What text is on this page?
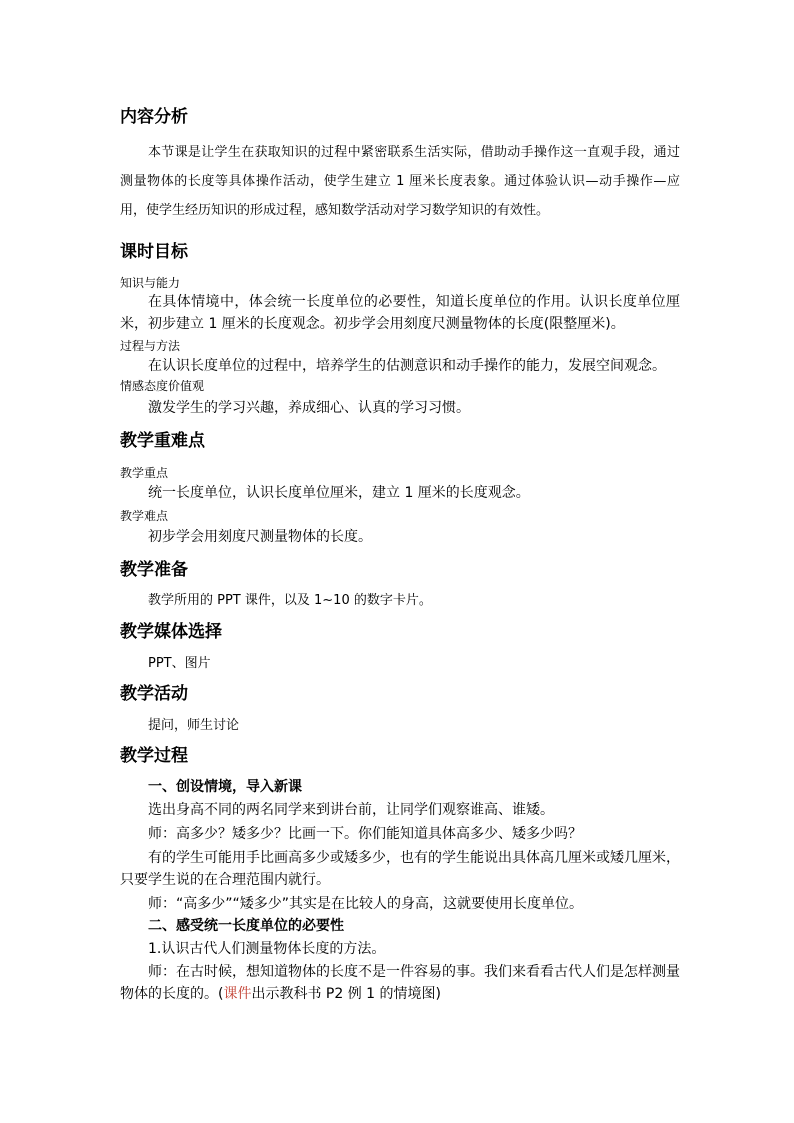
内容分析
本节课是让学生在获取知识的过程中紧密联系生活实际，借助动手操作这一直观手段，通过测量物体的长度等具体操作活动，使学生建立 1 厘米长度表象。通过体验认识—动手操作—应用，使学生经历知识的形成过程，感知数学活动对学习数学知识的有效性。
课时目标
知识与能力
在具体情境中，体会统一长度单位的必要性，知道长度单位的作用。认识长度单位厘米，初步建立 1 厘米的长度观念。初步学会用刻度尺测量物体的长度(限整厘米)。
过程与方法
在认识长度单位的过程中，培养学生的估测意识和动手操作的能力，发展空间观念。
情感态度价值观
激发学生的学习兴趣，养成细心、认真的学习习惯。
教学重难点
教学重点
统一长度单位，认识长度单位厘米，建立 1 厘米的长度观念。
教学难点
初步学会用刻度尺测量物体的长度。
教学准备
教学所用的 PPT 课件，以及 1~10 的数字卡片。
教学媒体选择
PPT、图片
教学活动
提问，师生讨论
教学过程
一、创设情境，导入新课
选出身高不同的两名同学来到讲台前，让同学们观察谁高、谁矮。
师：高多少？矮多少？比画一下。你们能知道具体高多少、矮多少吗？
有的学生可能用手比画高多少或矮多少，也有的学生能说出具体高几厘米或矮几厘米，只要学生说的在合理范围内就行。
师：“高多少”“矮多少”其实是在比较人的身高，这就要使用长度单位。
二、感受统一长度单位的必要性
1.认识古代人们测量物体长度的方法。
师：在古时候，想知道物体的长度不是一件容易的事。我们来看看古代人们是怎样测量物体的长度的。(课件出示教科书 P2 例 1 的情境图)
